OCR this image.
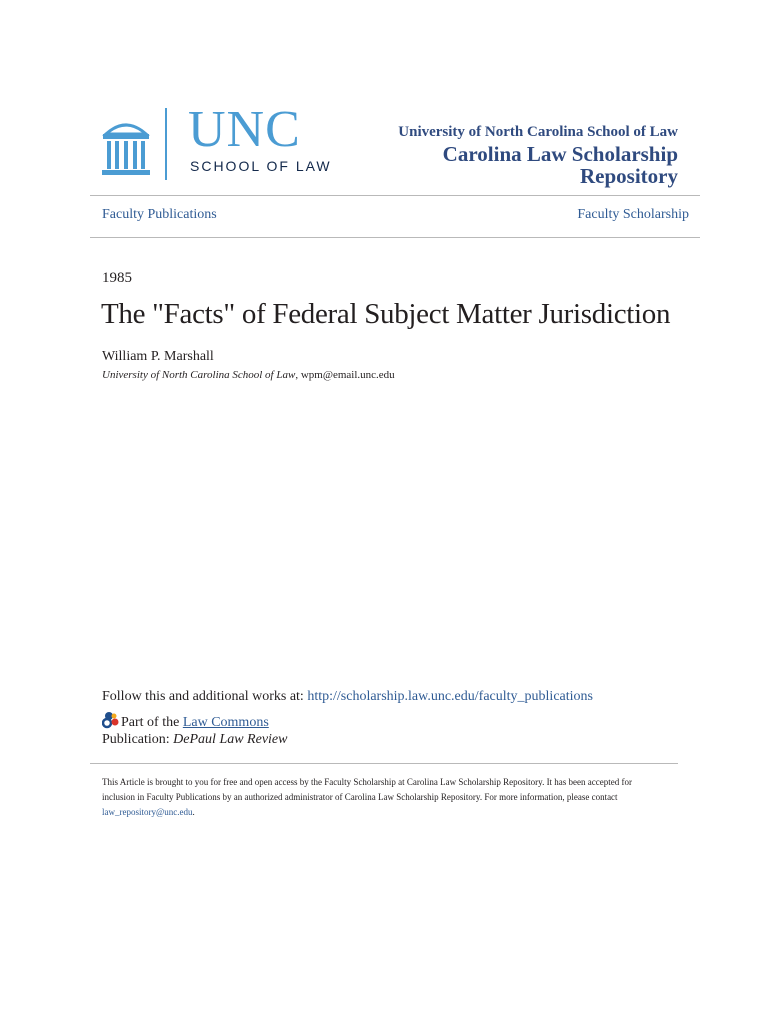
UNC
SCHOOL OF LAW
University of North Carolina School of Law
Carolina Law Scholarship
Repository
Faculty Publications	Faculty Scholarship
1985
The "Facts" of Federal Subject Matter Jurisdiction
William P. Marshall
University of North Carolina School of Law, wpm@email.unc.edu
Follow this and additional works at: http://scholarship.law.unc.edu/faculty_publications
Part of the Law Commons
Publication: DePaul Law Review
This Article is brought to you for free and open access by the Faculty Scholarship at Carolina Law Scholarship Repository. It has been accepted for inclusion in Faculty Publications by an authorized administrator of Carolina Law Scholarship Repository. For more information, please contact law_repository@unc.edu.
